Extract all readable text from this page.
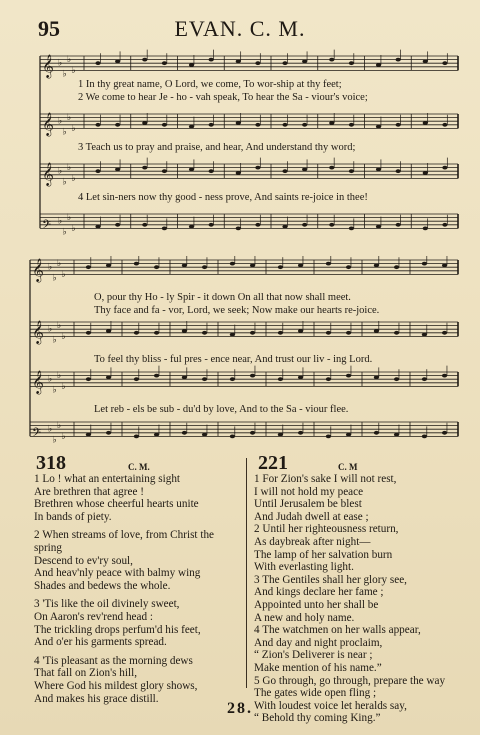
95	EVAN. C. M.
𝄞 ♭
♭
♭
♭
𝄞 ♭
♭
♭
♭
𝄞 ♭
♭
♭
♭
𝄢 ♭
♭
♭
♭
1 In thy great name, O Lord, we come, To wor-ship at thy feet;
2 We come to hear Je - ho - vah speak, To hear the Sa - viour's voice;
3 Teach us to pray and praise, and hear, And understand thy word;
4 Let sin-ners now thy good - ness prove, And saints re-joice in thee!
𝄞 ♭
♭
♭
♭
𝄞 ♭
♭
♭
♭
𝄞 ♭
♭
♭
♭
𝄢 ♭
♭
♭
♭
O, pour thy Ho - ly Spir - it down On all that now shall meet.
Thy face and fa - vor, Lord, we seek; Now make our hearts re-joice.
To feel thy bliss - ful pres - ence near, And trust our liv - ing Lord.
Let reb - els be sub - du'd by love, And to the Sa - viour flee.
318	C. M.
1 Lo ! what an entertaining sight
Are brethren that agree !
Brethren whose cheerful hearts unite
In bands of piety.

2 When streams of love, from Christ the
spring
Descend to ev'ry soul,
And heav'nly peace with balmy wing
Shades and bedews the whole.

3 'Tis like the oil divinely sweet,
On Aaron's rev'rend head :
The trickling drops perfum'd his feet,
And o'er his garments spread.

4 'Tis pleasant as the morning dews
That fall on Zion's hill,
Where God his mildest glory shows,
And makes his grace distill.
221	C. M
1 For Zion's sake I will not rest,
I will not hold my peace
Until Jerusalem be blest
And Judah dwell at ease ;
2 Until her righteousness return,
As daybreak after night—
The lamp of her salvation burn
With everlasting light.
3 The Gentiles shall her glory see,
And kings declare her fame ;
Appointed unto her shall be
A new and holy name.
4 The watchmen on her walls appear,
And day and night proclaim,
“ Zion's Deliverer is near ;
Make mention of his name.”
5 Go through, go through, prepare the way
The gates wide open fling ;
With loudest voice let heralds say,
“ Behold thy coming King.”
28.
